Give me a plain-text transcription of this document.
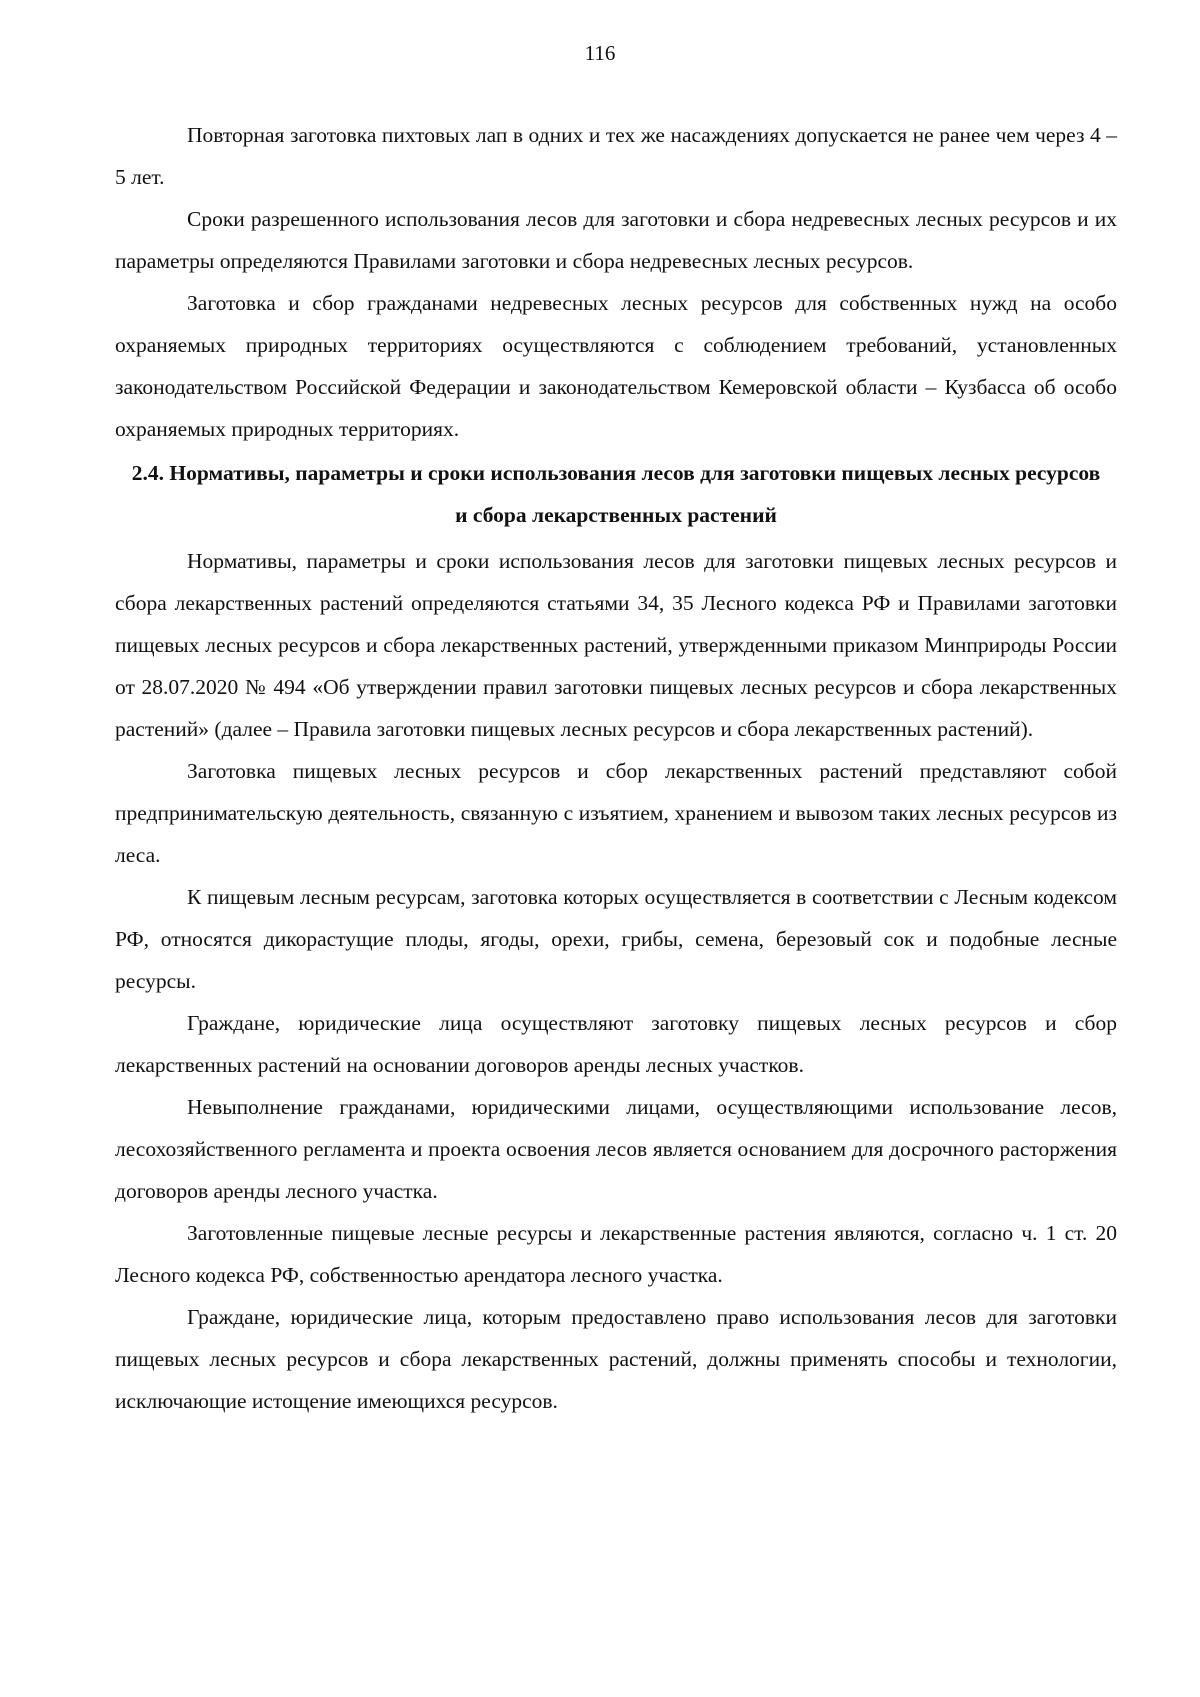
116

Повторная заготовка пихтовых лап в одних и тех же насаждениях допускается не ранее чем через 4 – 5 лет.

Сроки разрешенного использования лесов для заготовки и сбора недревесных лесных ресурсов и их параметры определяются Правилами заготовки и сбора недревесных лесных ресурсов.

Заготовка и сбор гражданами недревесных лесных ресурсов для собственных нужд на особо охраняемых природных территориях осуществляются с соблюдением требований, установленных законодательством Российской Федерации и законодательством Кемеровской области – Кузбасса об особо охраняемых природных территориях.

2.4. Нормативы, параметры и сроки использования лесов для заготовки пищевых лесных ресурсов и сбора лекарственных растений

Нормативы, параметры и сроки использования лесов для заготовки пищевых лесных ресурсов и сбора лекарственных растений определяются статьями 34, 35 Лесного кодекса РФ и Правилами заготовки пищевых лесных ресурсов и сбора лекарственных растений, утвержденными приказом Минприроды России от 28.07.2020 № 494 «Об утверждении правил заготовки пищевых лесных ресурсов и сбора лекарственных растений» (далее – Правила заготовки пищевых лесных ресурсов и сбора лекарственных растений).

Заготовка пищевых лесных ресурсов и сбор лекарственных растений представляют собой предпринимательскую деятельность, связанную с изъятием, хранением и вывозом таких лесных ресурсов из леса.

К пищевым лесным ресурсам, заготовка которых осуществляется в соответствии с Лесным кодексом РФ, относятся дикорастущие плоды, ягоды, орехи, грибы, семена, березовый сок и подобные лесные ресурсы.

Граждане, юридические лица осуществляют заготовку пищевых лесных ресурсов и сбор лекарственных растений на основании договоров аренды лесных участков.

Невыполнение гражданами, юридическими лицами, осуществляющими использование лесов, лесохозяйственного регламента и проекта освоения лесов является основанием для досрочного расторжения договоров аренды лесного участка.

Заготовленные пищевые лесные ресурсы и лекарственные растения являются, согласно ч. 1 ст. 20 Лесного кодекса РФ, собственностью арендатора лесного участка.

Граждане, юридические лица, которым предоставлено право использования лесов для заготовки пищевых лесных ресурсов и сбора лекарственных растений, должны применять способы и технологии, исключающие истощение имеющихся ресурсов.
